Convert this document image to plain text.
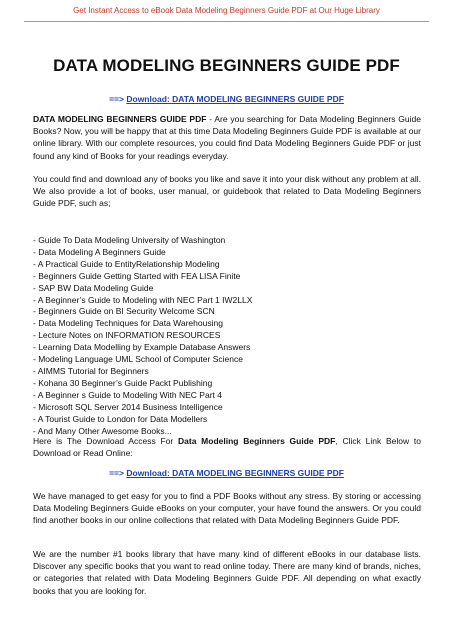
Get Instant Access to eBook Data Modeling Beginners Guide PDF at Our Huge Library
DATA MODELING BEGINNERS GUIDE PDF
==> Download: DATA MODELING BEGINNERS GUIDE PDF
DATA MODELING BEGINNERS GUIDE PDF - Are you searching for Data Modeling Beginners Guide Books? Now, you will be happy that at this time Data Modeling Beginners Guide PDF is available at our online library. With our complete resources, you could find Data Modeling Beginners Guide PDF or just found any kind of Books for your readings everyday.
You could find and download any of books you like and save it into your disk without any problem at all. We also provide a lot of books, user manual, or guidebook that related to Data Modeling Beginners Guide PDF, such as;
- Guide To Data Modeling University of Washington
- Data Modeling A Beginners Guide
- A Practical Guide to EntityRelationship Modeling
- Beginners Guide Getting Started with FEA LISA Finite
- SAP BW Data Modeling Guide
- A Beginner’s Guide to Modeling with NEC Part 1 IW2LLX
- Beginners Guide on BI Security Welcome SCN
- Data Modeling Techniques for Data Warehousing
- Lecture Notes on INFORMATION RESOURCES
- Learning Data Modelling by Example Database Answers
- Modeling Language UML School of Computer Science
- AIMMS Tutorial for Beginners
- Kohana 30 Beginner’s Guide Packt Publishing
- A Beginner s Guide to Modeling With NEC Part 4
- Microsoft SQL Server 2014 Business Intelligence
- A Tourist Guide to London for Data Modellers
- And Many Other Awesome Books...
Here is The Download Access For Data Modeling Beginners Guide PDF, Click Link Below to Download or Read Online:
==> Download: DATA MODELING BEGINNERS GUIDE PDF
We have managed to get easy for you to find a PDF Books without any stress. By storing or accessing Data Modeling Beginners Guide eBooks on your computer, your have found the answers. Or you could find another books in our online collections that related with Data Modeling Beginners Guide PDF.
We are the number #1 books library that have many kind of different eBooks in our database lists. Discover any specific books that you want to read online today. There are many kind of brands, niches, or categories that related with Data Modeling Beginners Guide PDF. All depending on what exactly books that you are looking for.
